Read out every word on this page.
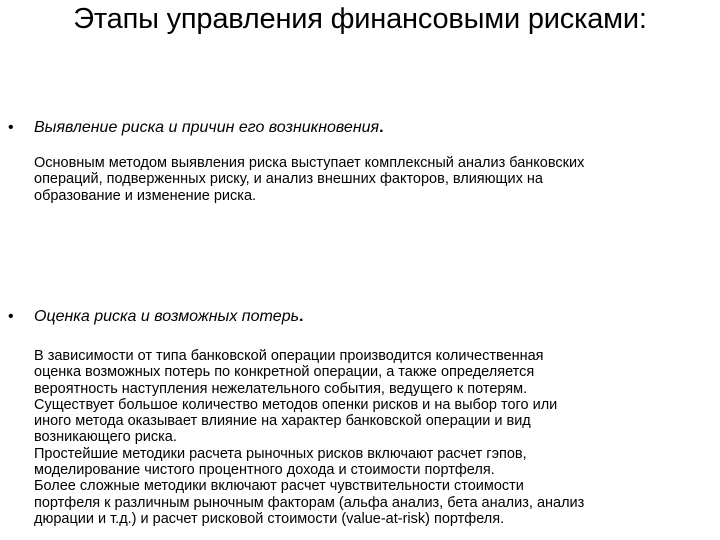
Этапы управления финансовыми рисками:
•	Выявление риска и причин его возникновения.
Основным методом выявления риска выступает комплексный анализ банковских
операций, подверженных риску, и анализ внешних факторов, влияющих на
образование и изменение риска.
•	Оценка риска и возможных потерь.
В зависимости от типа банковской операции производится количественная
оценка возможных потерь по конкретной операции, а также определяется
вероятность наступления нежелательного события, ведущего к потерям.
Существует большое количество методов опенки рисков и на выбор того или
иного метода оказывает влияние на характер банковской операции и вид
возникающего риска.
Простейшие методики расчета рыночных рисков включают расчет гэпов,
моделирование чистого процентного дохода и стоимости портфеля.
Более сложные методики включают расчет чувствительности стоимости
портфеля к различным рыночным факторам (альфа анализ, бета анализ, анализ
дюрации и т.д.) и расчет рисковой стоимости (value-at-risk) портфеля.
